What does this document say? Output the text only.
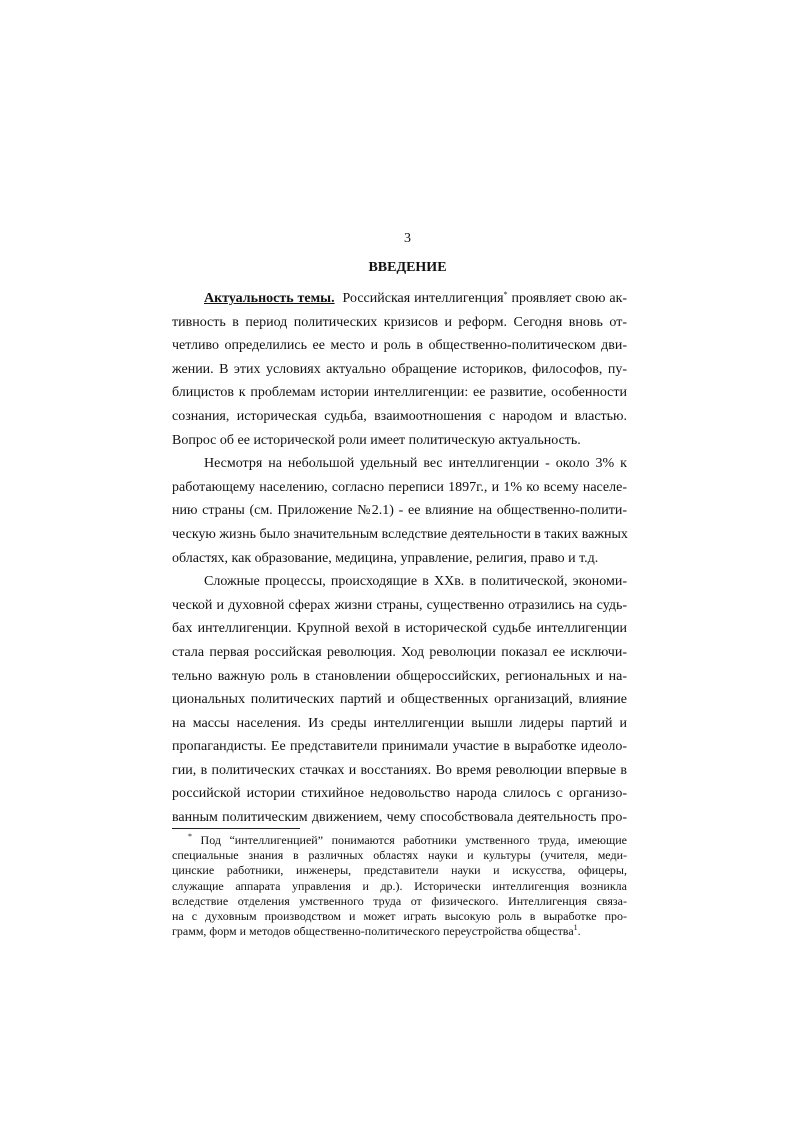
3
ВВЕДЕНИЕ
Актуальность темы. Российская интеллигенция* проявляет свою ак-
тивность в период политических кризисов и реформ. Сегодня вновь от-
четливо определились ее место и роль в общественно-политическом дви-
жении. В этих условиях актуально обращение историков, философов, пу-
блицистов к проблемам истории интеллигенции: ее развитие, особенности
сознания, историческая судьба, взаимоотношения с народом и властью.
Вопрос об ее исторической роли имеет политическую актуальность.
Несмотря на небольшой удельный вес интеллигенции - около 3% к
работающему населению, согласно переписи 1897г., и 1% ко всему населе-
нию страны (см. Приложение №2.1) - ее влияние на общественно-полити-
ческую жизнь было значительным вследствие деятельности в таких важных
областях, как образование, медицина, управление, религия, право и т.д.
Сложные процессы, происходящие в XXв. в политической, экономи-
ческой и духовной сферах жизни страны, существенно отразились на судь-
бах интеллигенции. Крупной вехой в исторической судьбе интеллигенции
стала первая российская революция. Ход революции показал ее исключи-
тельно важную роль в становлении общероссийских, региональных и на-
циональных политических партий и общественных организаций, влияние
на массы населения. Из среды интеллигенции вышли лидеры партий и
пропагандисты. Ее представители принимали участие в выработке идеоло-
гии, в политических стачках и восстаниях. Во время революции впервые в
российской истории стихийное недовольство народа слилось с организо-
ванным политическим движением, чему способствовала деятельность про-
* Под “интеллигенцией” понимаются работники умственного труда, имеющие
специальные знания в различных областях науки и культуры (учителя, меди-
цинские работники, инженеры, представители науки и искусства, офицеры,
служащие аппарата управления и др.). Исторически интеллигенция возникла
вследствие отделения умственного труда от физического. Интеллигенция связа-
на с духовным производством и может играть высокую роль в выработке про-
грамм, форм и методов общественно-политического переустройства общества$^1$.
